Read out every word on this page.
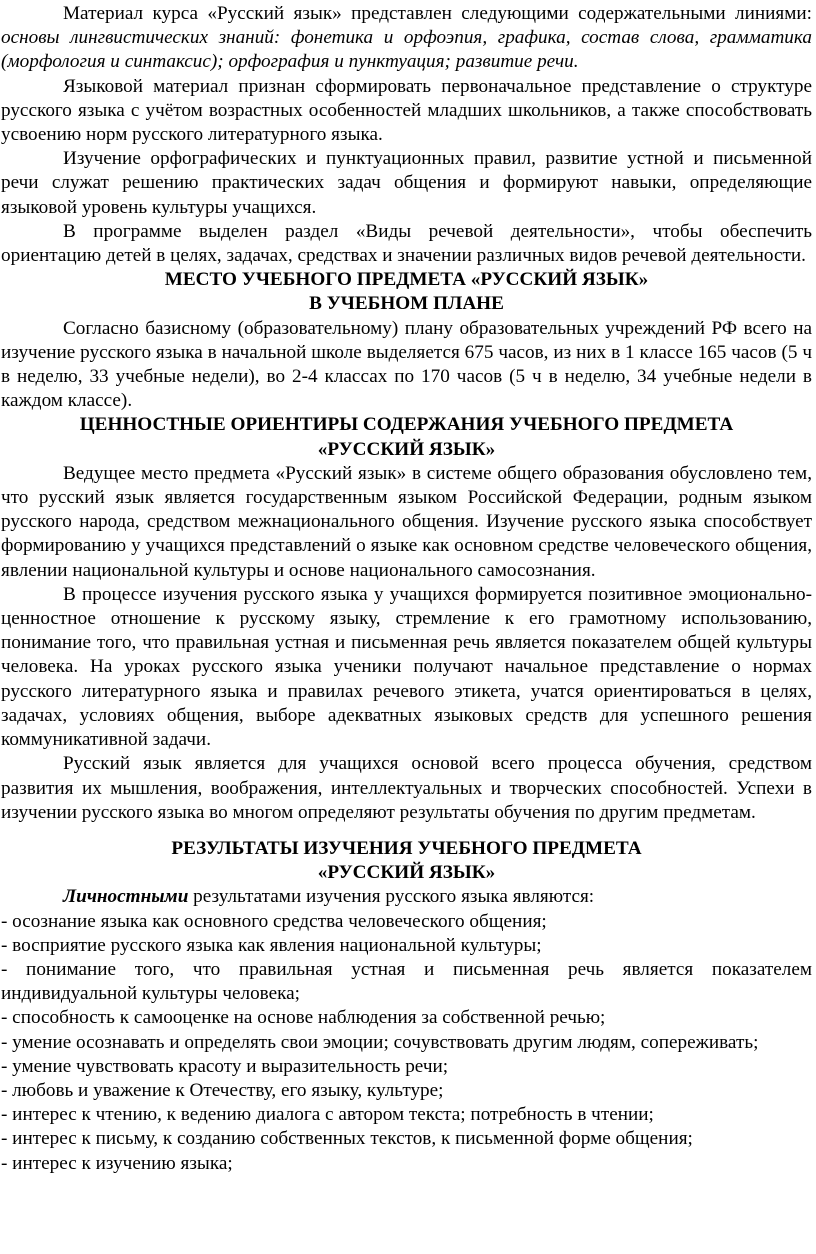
Материал курса «Русский язык» представлен следующими содержательными линиями: основы лингвистических знаний: фонетика и орфоэпия, графика, состав слова, грамматика (морфология и синтаксис); орфография и пунктуация; развитие речи.

Языковой материал признан сформировать первоначальное представление о структуре русского языка с учётом возрастных особенностей младших школьников, а также способствовать усвоению норм русского литературного языка.

Изучение орфографических и пунктуационных правил, развитие устной и письменной речи служат решению практических задач общения и формируют навыки, определяющие языковой уровень культуры учащихся.

В программе выделен раздел «Виды речевой деятельности», чтобы обеспечить ориентацию детей в целях, задачах, средствах и значении различных видов речевой деятельности.

МЕСТО УЧЕБНОГО ПРЕДМЕТА «РУССКИЙ ЯЗЫК»
В УЧЕБНОМ ПЛАНЕ

Согласно базисному (образовательному) плану образовательных учреждений РФ всего на изучение русского языка в начальной школе выделяется 675 часов, из них в 1 классе 165 часов (5 ч в неделю, 33 учебные недели), во 2-4 классах по 170 часов (5 ч в неделю, 34 учебные недели в каждом классе).

ЦЕННОСТНЫЕ ОРИЕНТИРЫ СОДЕРЖАНИЯ УЧЕБНОГО ПРЕДМЕТА
«РУССКИЙ ЯЗЫК»

Ведущее место предмета «Русский язык» в системе общего образования обусловлено тем, что русский язык является государственным языком Российской Федерации, родным языком русского народа, средством межнационального общения. Изучение русского языка способствует формированию у учащихся представлений о языке как основном средстве человеческого общения, явлении национальной культуры и основе национального самосознания.

В процессе изучения русского языка у учащихся формируется позитивное эмоционально-ценностное отношение к русскому языку, стремление к его грамотному использованию, понимание того, что правильная устная и письменная речь является показателем общей культуры человека. На уроках русского языка ученики получают начальное представление о нормах русского литературного языка и правилах речевого этикета, учатся ориентироваться в целях, задачах, условиях общения, выборе адекватных языковых средств для успешного решения коммуникативной задачи.

Русский язык является для учащихся основой всего процесса обучения, средством развития их мышления, воображения, интеллектуальных и творческих способностей. Успехи в изучении русского языка во многом определяют результаты обучения по другим предметам.

РЕЗУЛЬТАТЫ ИЗУЧЕНИЯ УЧЕБНОГО ПРЕДМЕТА
«РУССКИЙ ЯЗЫК»

Личностными результатами изучения русского языка являются:

- осознание языка как основного средства человеческого общения;

- восприятие русского языка как явления национальной культуры;

- понимание того, что правильная устная и письменная речь является показателем индивидуальной культуры человека;

- способность к самооценке на основе наблюдения за собственной речью;

- умение осознавать и определять свои эмоции; сочувствовать другим людям, сопереживать;

- умение чувствовать красоту и выразительность речи;

- любовь и уважение к Отечеству, его языку, культуре;

- интерес к чтению, к ведению диалога с автором текста; потребность в чтении;

- интерес к письму, к созданию собственных текстов, к письменной форме общения;

- интерес к изучению языка;
